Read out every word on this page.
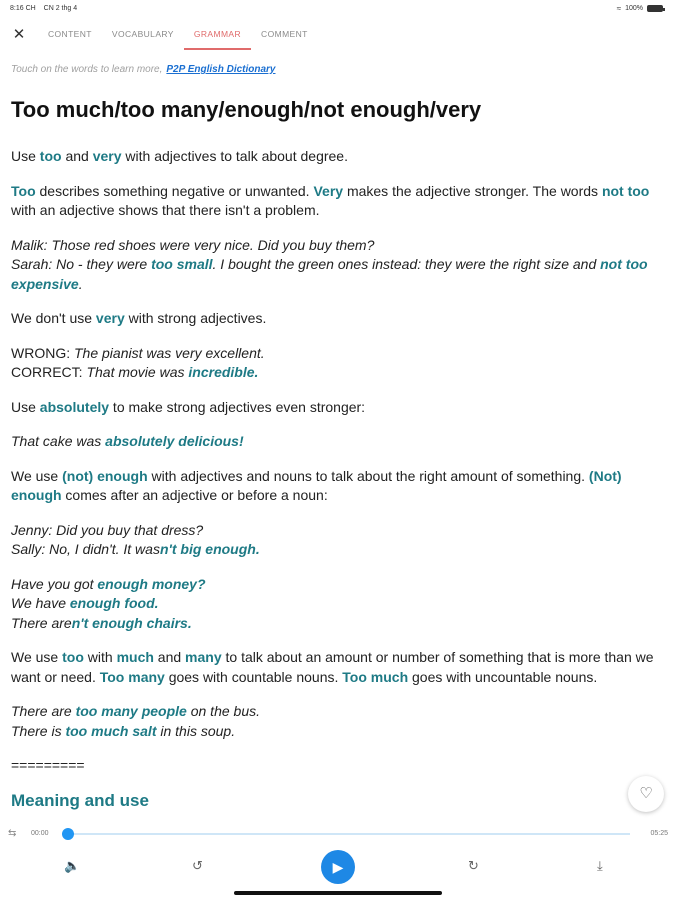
8:16 CH CN 2 thg 4	≈ 100%
✕	CONTENT	VOCABULARY	GRAMMAR	COMMENT
Touch on the words to learn more, P2P English Dictionary
Too much/too many/enough/not enough/very

Use too and very with adjectives to talk about degree.

Too describes something negative or unwanted. Very makes the adjective stronger. The words not too with an adjective shows that there isn't a problem.

Malik: Those red shoes were very nice. Did you buy them?
Sarah: No - they were too small. I bought the green ones instead: they were the right size and not too expensive.

We don't use very with strong adjectives.

WRONG: The pianist was very excellent.
CORRECT: That movie was incredible.

Use absolutely to make strong adjectives even stronger:

That cake was absolutely delicious!

We use (not) enough with adjectives and nouns to talk about the right amount of something. (Not) enough comes after an adjective or before a noun:

Jenny: Did you buy that dress?
Sally: No, I didn't. It wasn't big enough.

Have you got enough money?
We have enough food.
There aren't enough chairs.

We use too with much and many to talk about an amount or number of something that is more than we want or need. Too many goes with countable nouns. Too much goes with uncountable nouns.

There are too many people on the bus.
There is too much salt in this soup.

=========

Meaning and use	♡
⇆ 00:00	05:25
🔈	↺	▶	↻	⤓
